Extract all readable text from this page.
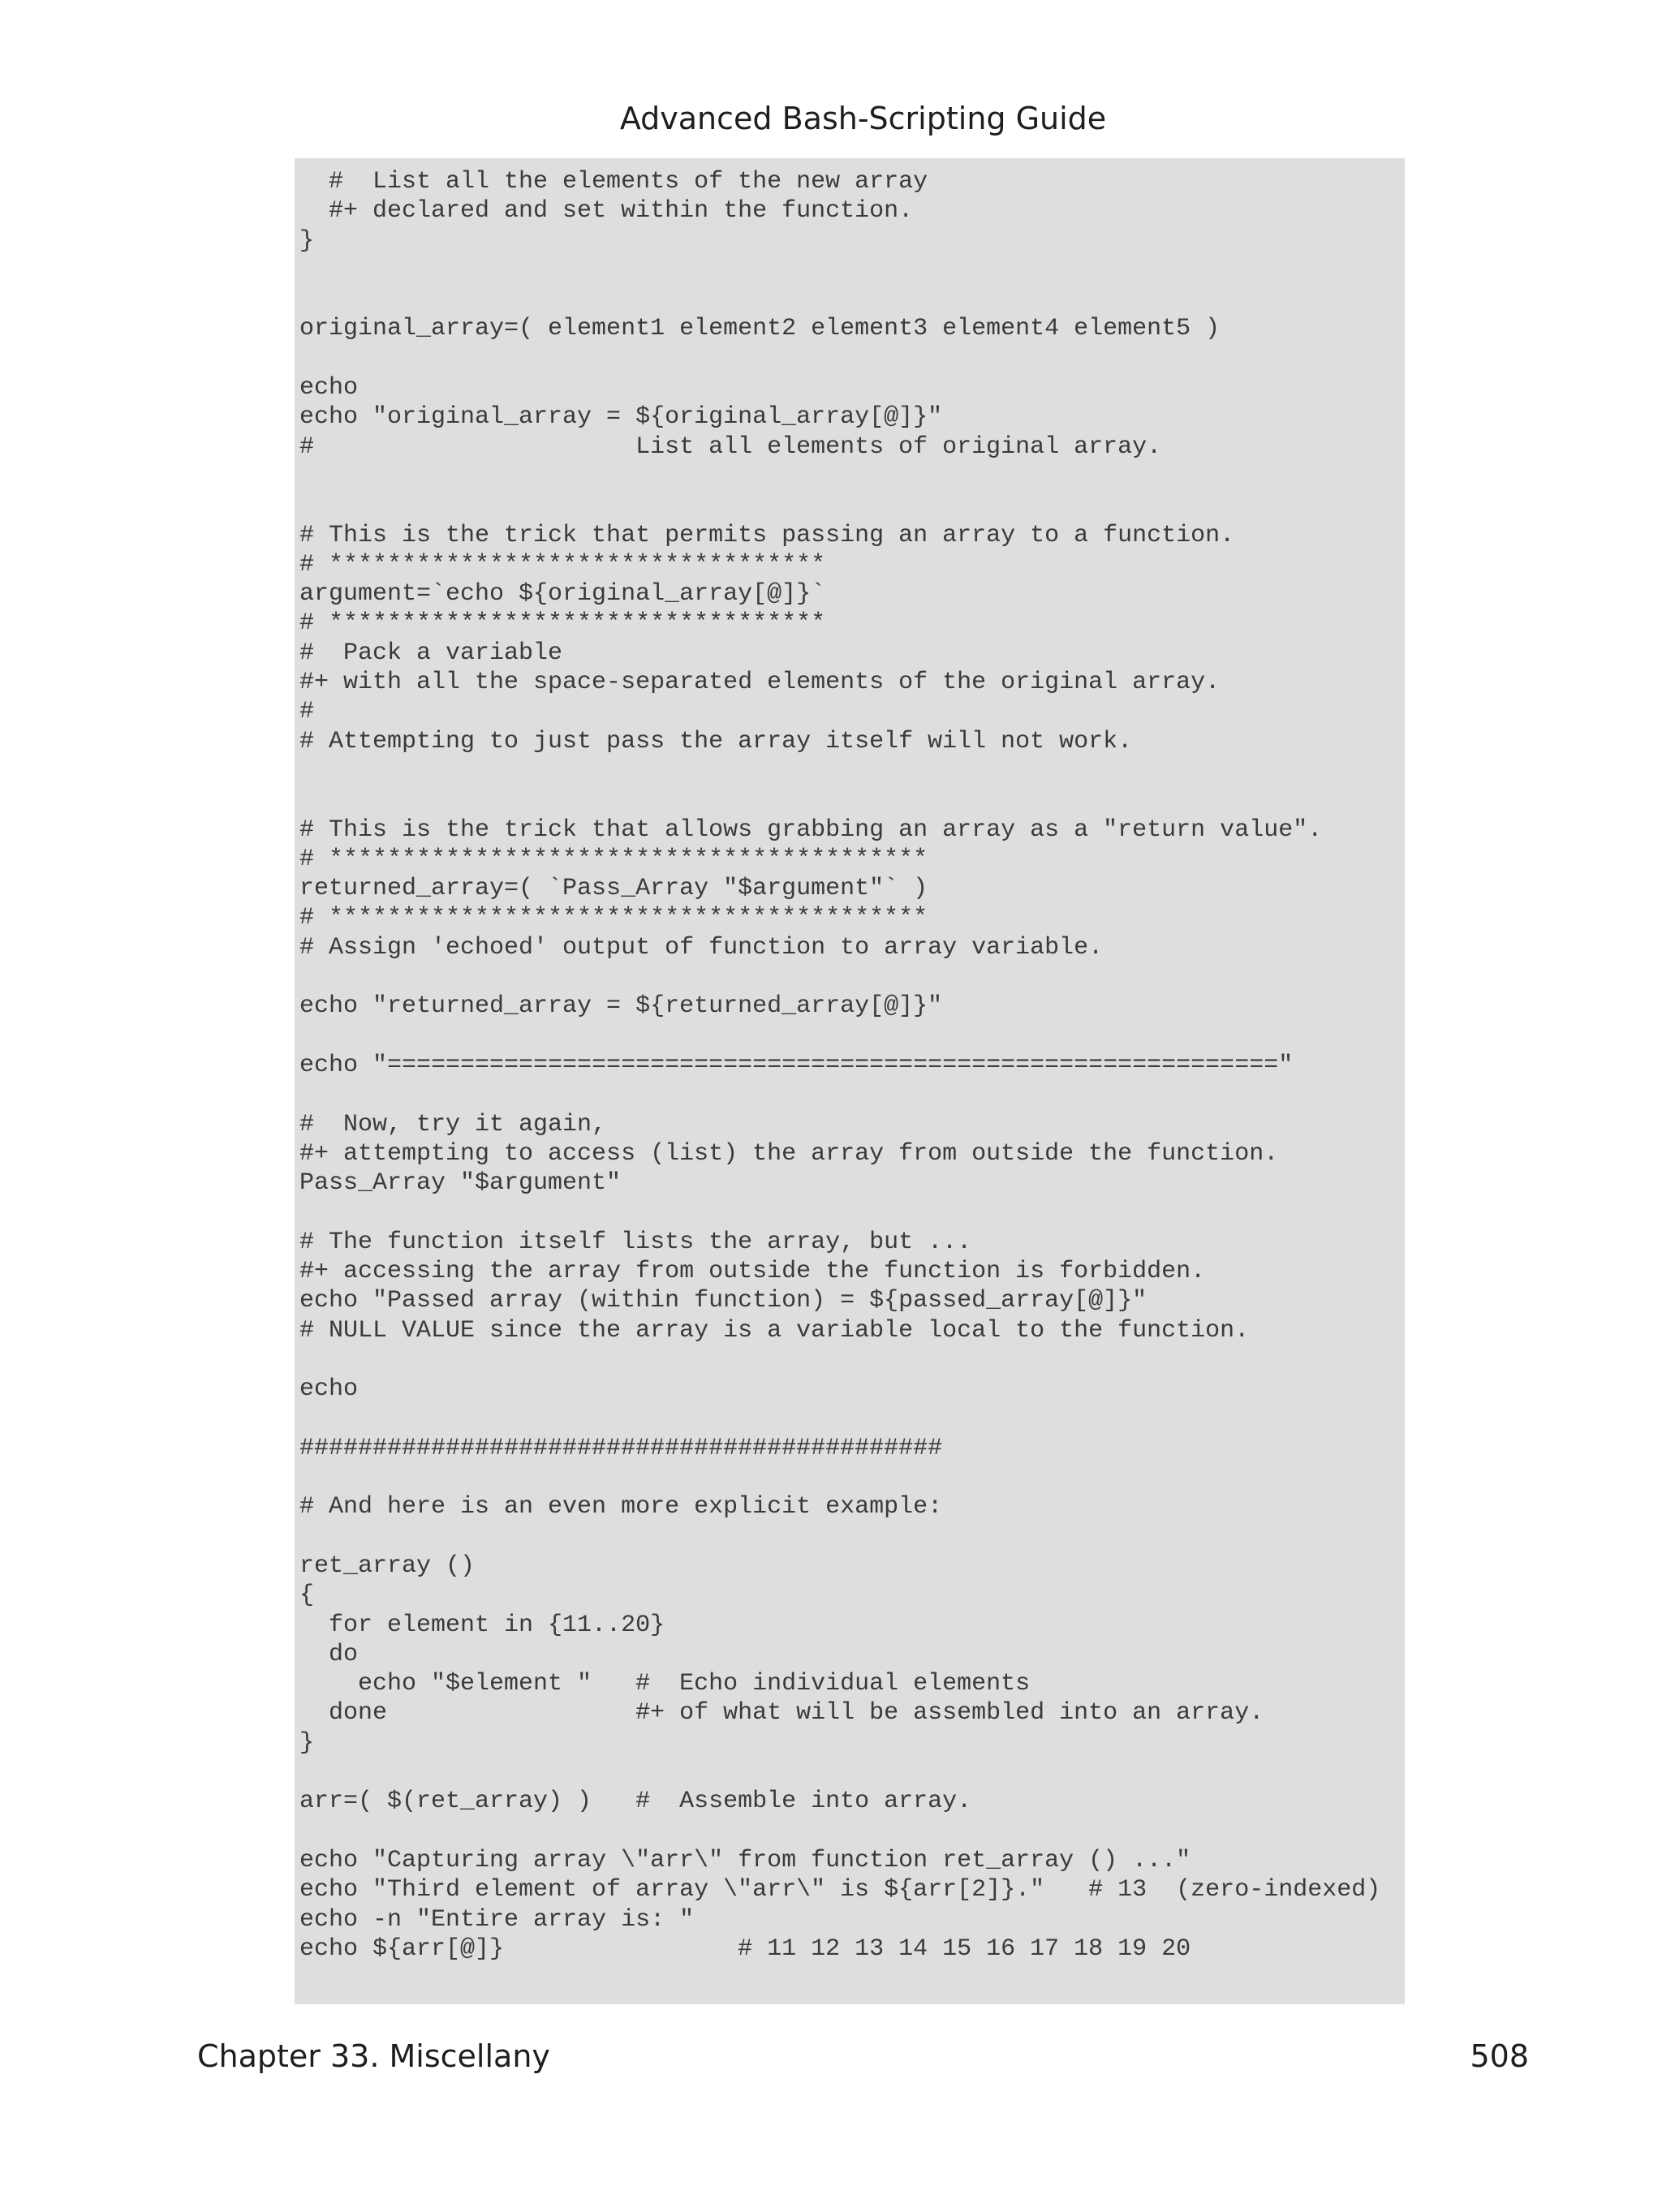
Advanced Bash-Scripting Guide
#  List all the elements of the new array
#+ declared and set within the function.
}

original_array=( element1 element2 element3 element4 element5 )

echo
echo "original_array = ${original_array[@]}"
#                      List all elements of original array.

# This is the trick that permits passing an array to a function.
# **********************************
argument=`echo ${original_array[@]}`
# **********************************
#  Pack a variable
#+ with all the space-separated elements of the original array.
#
# Attempting to just pass the array itself will not work.

# This is the trick that allows grabbing an array as a "return value".
# *****************************************
returned_array=( `Pass_Array "$argument"` )
# *****************************************
# Assign 'echoed' output of function to array variable.

echo "returned_array = ${returned_array[@]}"

echo "============================================================="

#  Now, try it again,
#+ attempting to access (list) the array from outside the function.
Pass_Array "$argument"

# The function itself lists the array, but ...
#+ accessing the array from outside the function is forbidden.
echo "Passed array (within function) = ${passed_array[@]}"
# NULL VALUE since the array is a variable local to the function.

echo

############################################

# And here is an even more explicit example:

ret_array ()
{
for element in {11..20}
do
echo "$element "   #  Echo individual elements
done                 #+ of what will be assembled into an array.
}

arr=( $(ret_array) )   #  Assemble into array.

echo "Capturing array \"arr\" from function ret_array () ..."
echo "Third element of array \"arr\" is ${arr[2]}."   # 13  (zero-indexed)
echo -n "Entire array is: "
echo ${arr[@]}                # 11 12 13 14 15 16 17 18 19 20
Chapter 33. Miscellany	508
